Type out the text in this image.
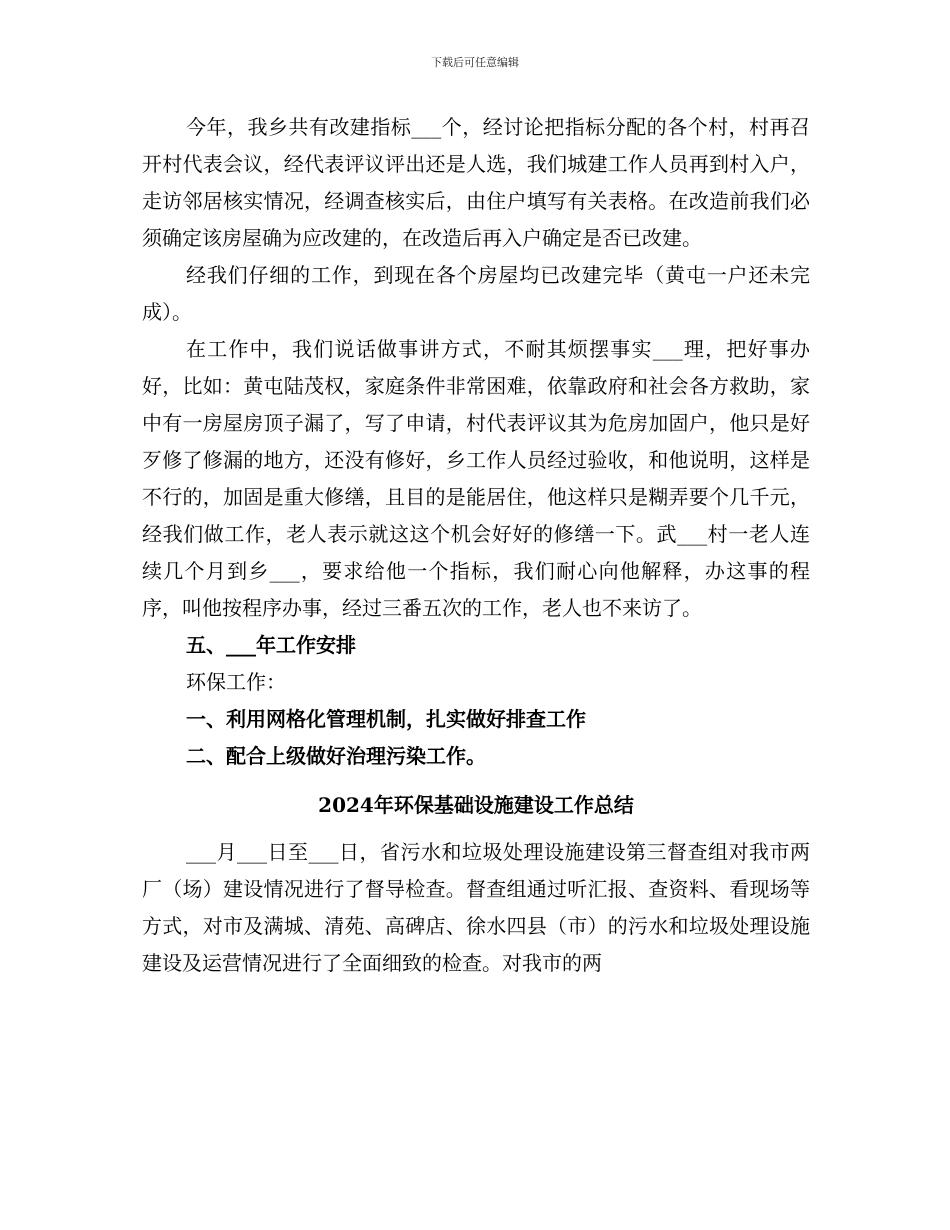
下载后可任意编辑

今年，我乡共有改建指标___个，经讨论把指标分配的各个村，村再召开村代表会议，经代表评议评出还是人选，我们城建工作人员再到村入户，走访邻居核实情况，经调查核实后，由住户填写有关表格。在改造前我们必须确定该房屋确为应改建的，在改造后再入户确定是否已改建。

经我们仔细的工作，到现在各个房屋均已改建完毕（黄屯一户还未完成）。

在工作中，我们说话做事讲方式，不耐其烦摆事实___理，把好事办好，比如：黄屯陆茂权，家庭条件非常困难，依靠政府和社会各方救助，家中有一房屋房顶子漏了，写了申请，村代表评议其为危房加固户，他只是好歹修了修漏的地方，还没有修好，乡工作人员经过验收，和他说明，这样是不行的，加固是重大修缮，且目的是能居住，他这样只是糊弄要个几千元，经我们做工作，老人表示就这这个机会好好的修缮一下。武___村一老人连续几个月到乡___，要求给他一个指标，我们耐心向他解释，办这事的程序，叫他按程序办事，经过三番五次的工作，老人也不来访了。

五、___年工作安排

环保工作：

一、利用网格化管理机制，扎实做好排查工作

二、配合上级做好治理污染工作。

2024年环保基础设施建设工作总结

___月___日至___日，省污水和垃圾处理设施建设第三督查组对我市两厂（场）建设情况进行了督导检查。督查组通过听汇报、查资料、看现场等方式，对市及满城、清苑、高碑店、徐水四县（市）的污水和垃圾处理设施建设及运营情况进行了全面细致的检查。对我市的两
